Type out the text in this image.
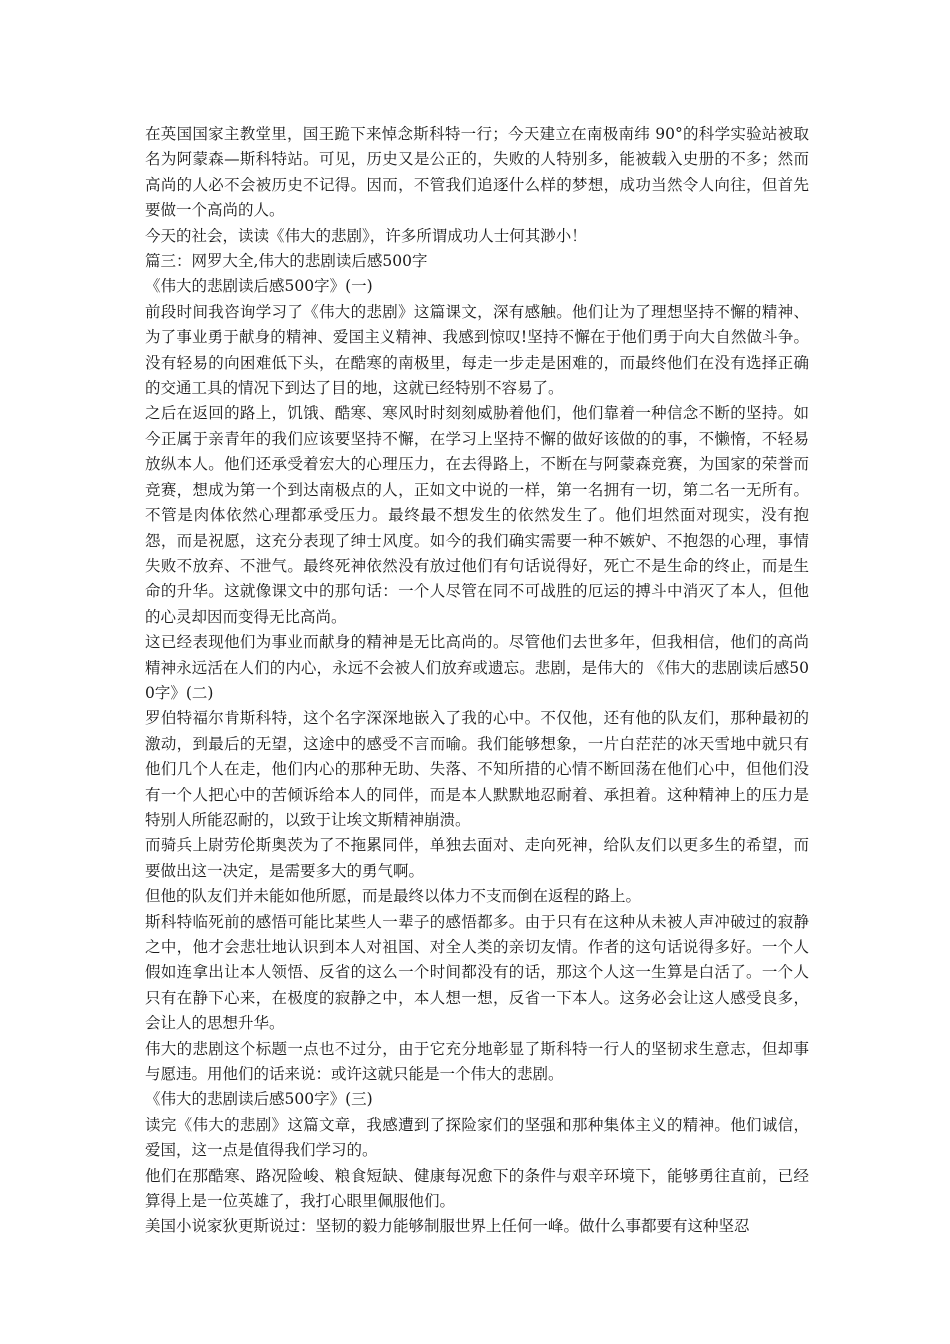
在英国国家主教堂里，国王跪下来悼念斯科特一行；今天建立在南极南纬 90°的科学实验站被取名为阿蒙森—斯科特站。可见，历史又是公正的，失败的人特别多，能被载入史册的不多；然而高尚的人必不会被历史不记得。因而，不管我们追逐什么样的梦想，成功当然令人向往，但首先要做一个高尚的人。

今天的社会，读读《伟大的悲剧》，许多所谓成功人士何其渺小！

篇三：网罗大全,伟大的悲剧读后感500字

《伟大的悲剧读后感500字》(一)

前段时间我咨询学习了《伟大的悲剧》这篇课文，深有感触。他们让为了理想坚持不懈的精神、为了事业勇于献身的精神、爱国主义精神、我感到惊叹!坚持不懈在于他们勇于向大自然做斗争。没有轻易的向困难低下头，在酷寒的南极里，每走一步走是困难的，而最终他们在没有选择正确的交通工具的情况下到达了目的地，这就已经特别不容易了。

之后在返回的路上，饥饿、酷寒、寒风时时刻刻威胁着他们，他们靠着一种信念不断的坚持。如今正属于亲青年的我们应该要坚持不懈，在学习上坚持不懈的做好该做的的事，不懒惰，不轻易放纵本人。他们还承受着宏大的心理压力，在去得路上，不断在与阿蒙森竞赛，为国家的荣誉而竞赛，想成为第一个到达南极点的人，正如文中说的一样，第一名拥有一切，第二名一无所有。不管是肉体依然心理都承受压力。最终最不想发生的依然发生了。他们坦然面对现实，没有抱怨，而是祝愿，这充分表现了绅士风度。如今的我们确实需要一种不嫉妒、不抱怨的心理，事情失败不放弃、不泄气。最终死神依然没有放过他们有句话说得好，死亡不是生命的终止，而是生命的升华。这就像课文中的那句话：一个人尽管在同不可战胜的厄运的搏斗中消灭了本人，但他的心灵却因而变得无比高尚。

这已经表现他们为事业而献身的精神是无比高尚的。尽管他们去世多年，但我相信，他们的高尚精神永远活在人们的内心，永远不会被人们放弃或遗忘。悲剧，是伟大的 《伟大的悲剧读后感500字》(二)

罗伯特福尔肯斯科特，这个名字深深地嵌入了我的心中。不仅他，还有他的队友们，那种最初的激动，到最后的无望，这途中的感受不言而喻。我们能够想象，一片白茫茫的冰天雪地中就只有他们几个人在走，他们内心的那种无助、失落、不知所措的心情不断回荡在他们心中，但他们没有一个人把心中的苦倾诉给本人的同伴，而是本人默默地忍耐着、承担着。这种精神上的压力是特别人所能忍耐的，以致于让埃文斯精神崩溃。

而骑兵上尉劳伦斯奥茨为了不拖累同伴，单独去面对、走向死神，给队友们以更多生的希望，而要做出这一决定，是需要多大的勇气啊。

但他的队友们并未能如他所愿，而是最终以体力不支而倒在返程的路上。

斯科特临死前的感悟可能比某些人一辈子的感悟都多。由于只有在这种从未被人声冲破过的寂静之中，他才会悲壮地认识到本人对祖国、对全人类的亲切友情。作者的这句话说得多好。一个人假如连拿出让本人领悟、反省的这么一个时间都没有的话，那这个人这一生算是白活了。一个人只有在静下心来，在极度的寂静之中，本人想一想，反省一下本人。这务必会让这人感受良多，会让人的思想升华。

伟大的悲剧这个标题一点也不过分，由于它充分地彰显了斯科特一行人的坚韧求生意志，但却事与愿违。用他们的话来说：或许这就只能是一个伟大的悲剧。

《伟大的悲剧读后感500字》(三)

读完《伟大的悲剧》这篇文章，我感遭到了探险家们的坚强和那种集体主义的精神。他们诚信，爱国，这一点是值得我们学习的。

他们在那酷寒、路况险峻、粮食短缺、健康每况愈下的条件与艰辛环境下，能够勇往直前，已经算得上是一位英雄了，我打心眼里佩服他们。

美国小说家狄更斯说过：坚韧的毅力能够制服世界上任何一峰。做什么事都要有这种坚忍
